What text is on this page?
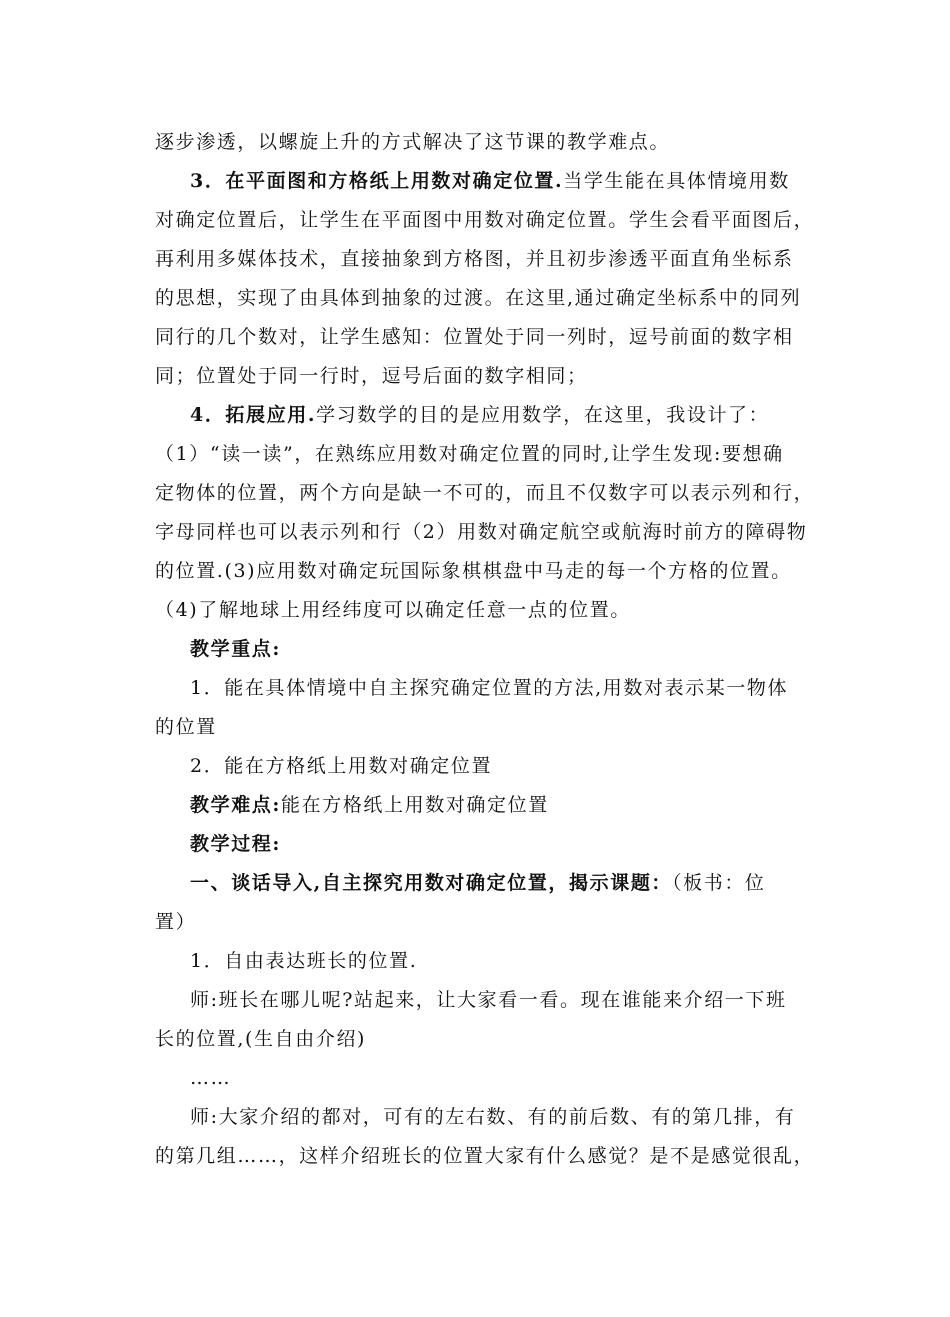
逐步渗透，以螺旋上升的方式解决了这节课的教学难点。
3．在平面图和方格纸上用数对确定位置.当学生能在具体情境用数
对确定位置后，让学生在平面图中用数对确定位置。学生会看平面图后，
再利用多媒体技术，直接抽象到方格图，并且初步渗透平面直角坐标系
的思想，实现了由具体到抽象的过渡。在这里,通过确定坐标系中的同列
同行的几个数对，让学生感知：位置处于同一列时，逗号前面的数字相
同；位置处于同一行时，逗号后面的数字相同；
4．拓展应用.学习数学的目的是应用数学，在这里，我设计了：
（1）“读一读”，在熟练应用数对确定位置的同时,让学生发现:要想确
定物体的位置，两个方向是缺一不可的，而且不仅数字可以表示列和行，
字母同样也可以表示列和行（2）用数对确定航空或航海时前方的障碍物
的位置.(3)应用数对确定玩国际象棋棋盘中马走的每一个方格的位置。
（4)了解地球上用经纬度可以确定任意一点的位置。
教学重点:
1．能在具体情境中自主探究确定位置的方法,用数对表示某一物体
的位置
2．能在方格纸上用数对确定位置
教学难点:能在方格纸上用数对确定位置
教学过程:
一、谈话导入,自主探究用数对确定位置，揭示课题：（板书：位
置）
1．自由表达班长的位置.
师:班长在哪儿呢?站起来，让大家看一看。现在谁能来介绍一下班
长的位置,(生自由介绍)
……
师:大家介绍的都对，可有的左右数、有的前后数、有的第几排，有
的第几组……，这样介绍班长的位置大家有什么感觉？是不是感觉很乱，
